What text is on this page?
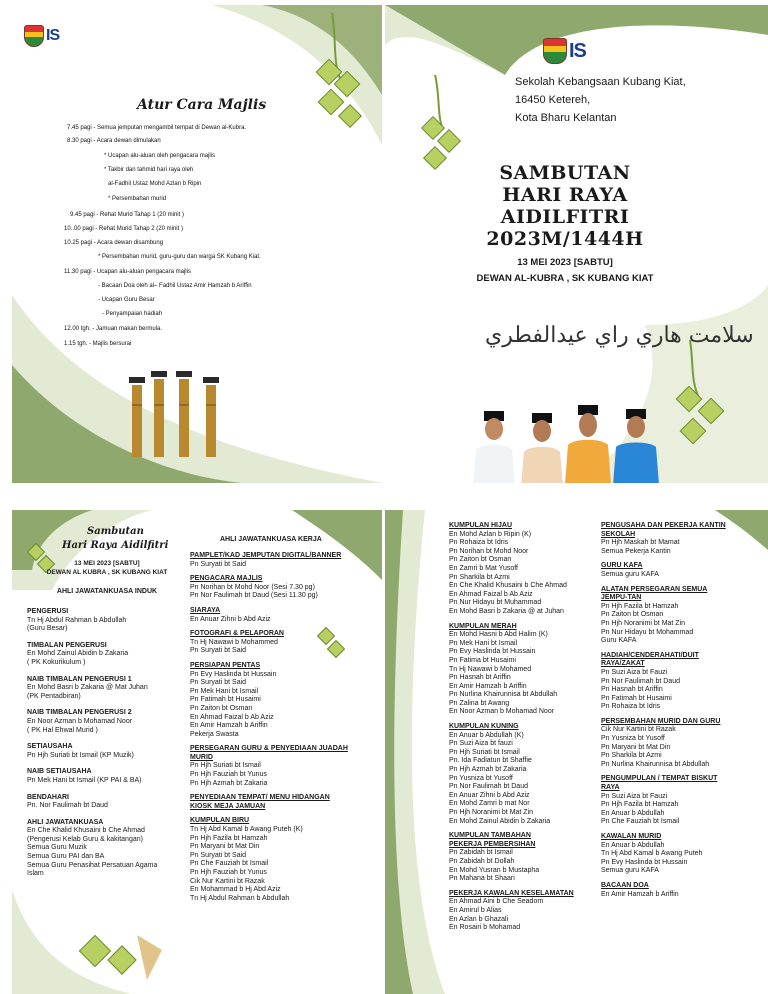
IS
Atur Cara Majlis
7.45 pagi - Semua jemputan mengambil tempat di Dewan al-Kubra.
8.30 pagi - Acara dewan dimulakan
* Ucapan alu-aluan oleh pengacara majlis
* Takbir dan tahmid hari raya oleh
al-Fadhil Ustaz Mohd Azlan b Ripin
* Persembahan murid
9.45 pagi - Rehat Murid Tahap 1 (20 minit )
10..00 pagi - Rehat Murid Tahap 2 (20 minit )
10.25 pagi - Acara dewan disambung
* Persembahan murid, guru-guru dan warga SK Kubang Kiat.
11.30 pagi - Ucapan alu-aluan pengacara majlis
- Bacaan Doa oleh al– Fadhil Ustaz Amir Hamzah b Ariffin
- Ucapan Guru Besar
- Penyampaian hadiah
12.00 tgh. - Jamuan makan bermula.
1.15 tgh. - Majlis bersurai
IS
Sekolah Kebangsaan Kubang Kiat,
16450 Ketereh,
Kota Bharu Kelantan
SAMBUTAN
HARI RAYA AIDILFITRI
2023M/1444H
13 MEI 2023 [SABTU]
DEWAN AL-KUBRA , SK KUBANG KIAT
سلامت هاري راي عيدالفطري
Sambutan
Hari Raya Aidilfitri
13 MEI 2023 [SABTU]
DEWAN AL KUBRA , SK KUBANG KIAT
AHLI JAWATANKUASA INDUK
PENGERUSI
Tn Hj Abdul Rahman b Abdullah
(Guru Besar)
TIMBALAN PENGERUSI
En Mohd Zainul Abidin b Zakaria
( PK Kokurikulum )
NAIB TIMBALAN PENGERUSI 1
En Mohd Basri b Zakaria @ Mat Juhan
(PK Pentadbiran)
NAIB TIMBALAN PENGERUSI 2
En Noor Azman b Mohamad Noor
( PK Hal Ehwal Murid )
SETIAUSAHA
Pn Hjh Suriati bt Ismail (KP Muzik)
NAIB SETIAUSAHA
Pn Mek Hani bt Ismail (KP PAI & BA)
BENDAHARI
Pn. Nor Faulimah bt Daud
AHLI JAWATANKUASA
En Che Khalid Khusaini b Che Ahmad
(Pengerusi Kelab Guru & kakitangan)
Semua Guru Muzik
Semua Guru PAI dan BA
Semua Guru Penasihat Persatuan Agama
Islam
AHLI JAWATANKUASA KERJA
PAMPLET/KAD JEMPUTAN DIGITAL/BANNER
Pn Suryati bt Said
PENGACARA MAJLIS
Pn Norihan bt Mohd Noor (Sesi 7.30 pg)
Pn Nor Faulimah bt Daud (Sesi 11.30 pg)
SIARAYA
En Anuar Zihni b Abd Aziz
FOTOGRAFI & PELAPORAN
Tn Hj Nawawi b Mohammed
Pn Suryati bt Said
PERSIAPAN PENTAS
Pn Evy Haslinda bt Hussain
Pn Suryati bt Said
Pn Mek Hani bt Ismail
Pn Fatimah bt Husaimi
Pn Zaiton bt Osman
En Ahmad Faizal b Ab Aziz
En Amir Hamzah b Ariffin
Pekerja Swasta
PERSEGARAN GURU & PENYEDIAAN JUADAH MURID
Pn Hjh Suriati bt Ismail
Pn Hjh Fauziah bt Yunus
Pn Hjh Azmah bt Zakaria
PENYEDIAAN TEMPAT/ MENU HIDANGAN KIOSK MEJA JAMUAN
KUMPULAN BIRU
Tn Hj Abd Kamal b Awang Puteh (K)
Pn Hjh Fazila bt Hamzah
Pn Maryani bt Mat Din
Pn Suryati bt Said
Pn Che Fauziah bt Ismail
Pn Hjh Fauziah bt Yunus
Cik Nur Kartini bt Razak
En Mohammad b Hj Abd Aziz
Tn Hj Abdul Rahman b Abdullah
KUMPULAN HIJAU
En Mohd Azlan b Ripin (K)
Pn Rohaiza bt Idris
Pn Norihan bt Mohd Noor
Pn Zaiton bt Osman
En Zamri b Mat Yusoff
Pn Sharkila bt Azmi
En Che Khalid Khusaini b Che Ahmad
En Ahmad Faizal b Ab Aziz
Pn Nur Hidayu bt Muhammad
En Mohd Basri b Zakaria @ at Juhan
KUMPULAN MERAH
En Mohd Hasni b Abd Halim (K)
Pn Mek Hani bt Ismail
Pn Evy Haslinda bt Hussain
Pn Fatima bt Husaimi
Tn Hj Nawawi b Mohamed
Pn Hasnah bt Ariffin
En Amir Hamzah b Ariffin
Pn Nurlina Khairunnisa bt Abdullah
Pn Zalina bt Awang
En Noor Azman b Mohamad Noor
KUMPULAN KUNING
En Anuar b Abdullah (K)
Pn Suzi Aiza bt fauzi
Pn Hjh Suriati bt Ismail
Pn. Ida Fadiatun bt Shaffie
Pn Hjh Azmah bt Zakaria
Pn Yusniza bt Yusoff
Pn Nor Faulimah bt Daud
En Anuar Zihni b Abd Aziz
En Mohd Zamri b mat Nor
Pn Hjh Noranimi bt Mat Zin
En Mohd Zainul Abidin b Zakaria
KUMPULAN TAMBAHAN PEKERJA PEMBERSIHAN
Pn Zabidah bt Ismail
Pn Zabidah bt Dollah
En Mohd Yusran b Mustapha
Pn Mahana bt Shaari
PEKERJA KAWALAN KESELAMATAN
En Ahmad Aini b Che Seadom
En Amirul b Alias
En Azlan b Ghazali
En Rosairi b Mohamad
PENGUSAHA DAN PEKERJA KANTIN SEKOLAH
Pn Hjh Maskah bt Mamat
Semua Pekerja Kantin
GURU KAFA
Semua guru KAFA
ALATAN PERSEGARAN SEMUA JEMPU-TAN
Pn Hjh Fazila bt Hamzah
Pn Zaiton bt Osman
Pn Hjh Noranimi bt Mat Zin
Pn Nur Hidayu bt Mohammad
Guru KAFA
HADIAH/CENDERAHATI/DUIT RAYA/ZAKAT
Pn Suzi Aiza bt Fauzi
Pn Nor Faulimah bt Daud
Pn Hasnah bt Ariffin
Pn Fatimah bt Husaimi
Pn Rohaiza bt Idris
PERSEMBAHAN MURID DAN GURU
Cik Nur Kartini bt Razak
Pn Yusniza bt Yusoff
Pn Maryani bt Mat Din
Pn Sharkila bt Azmi
Pn Nurlina Khairunnisa bt Abdullah
PENGUMPULAN / TEMPAT BISKUT RAYA
Pn Suzi Aiza bt Fauzi
Pn Hjh Fazila bt Hamzah
En Anuar b Abdullah
Pn Che Fauziah bt Ismail
KAWALAN MURID
En Anuar b Abdullah
Tn Hj Abd Kamal b Awang Puteh
Pn Evy Haslinda bt Hussain
Semua guru KAFA
BACAAN DOA
En Amir Hamzah b Ariffin
